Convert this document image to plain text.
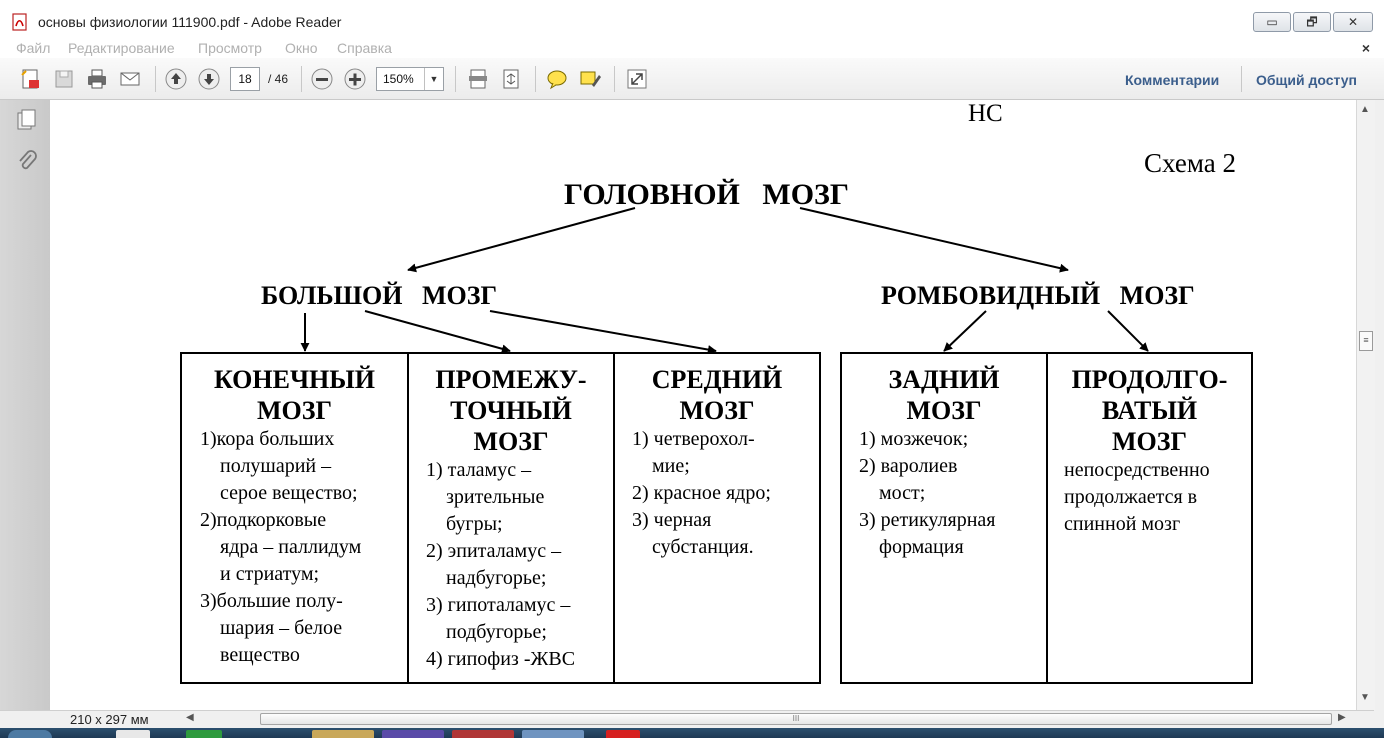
основы физиологии 111900.pdf - Adobe Reader	▭	🗗	✕
Файл Редактирование Просмотр Окно Справка	×
18	/ 46	150%	▼	Комментарии	Общий доступ
НС
Схема 2
ГОЛОВНОЙ   МОЗГ
БОЛЬШОЙ   МОЗГ	РОМБОВИДНЫЙ   МОЗГ
КОНЕЧНЫЙ
МОЗГ
1)кора больших
полушарий –
серое вещество;
2)подкорковые
ядра – паллидум
и стриатум;
3)большие полу-
шария – белое
вещество
ПРОМЕЖУ-
ТОЧНЫЙ
МОЗГ
1) таламус –
зрительные
бугры;
2) эпиталамус –
надбугорье;
3) гипоталамус –
подбугорье;
4) гипофиз -ЖВС
СРЕДНИЙ
МОЗГ
1) четверохол-
мие;
2) красное ядро;
3) черная
субстанция.
ЗАДНИЙ
МОЗГ
1) мозжечок;
2) варолиев
мост;
3) ретикулярная
формация
ПРОДОЛГО-
ВАТЫЙ
МОЗГ
непосредственно
продолжается в
спинной мозг
▲
≡
▼
210 x 297 мм	◀	III	▶
